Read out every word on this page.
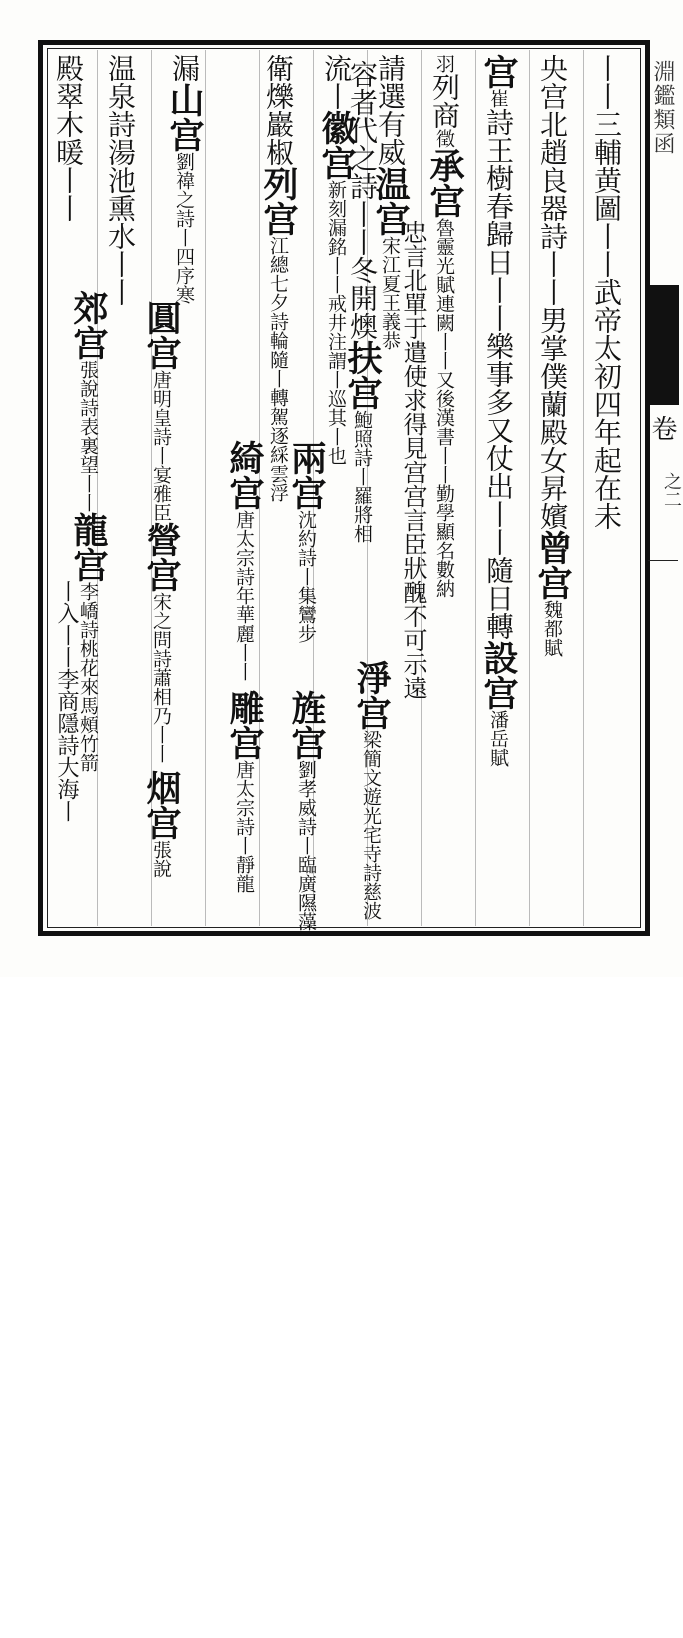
淵鑑類函
卷
之二
丨丨三輔黄圖丨丨武帝太初四年起在未
央宫北趙良器詩丨丨男掌僕蘭殿女昇嬪曾宫魏都賦
宫崔詩王樹春歸日丨丨樂事多又仗出丨丨隨日轉設宫潘岳賦
羽列商徵承宫魯靈光賦連闕丨丨又後漢書丨丨勤學顯名數納
忠言北單于遣使求得見宫宫言臣狀醜不可示遠
請選有威温宫宋江夏王義恭
容者代之詩丨丨冬開燠扶宫鮑照詩丨羅將相
淨宫梁簡文遊光宅寺詩慈波
流丨徽宫新刻漏銘丨丨戒井注謂丨巡其丨也
兩宫沈約詩丨集鸞步
旌宫劉孝威詩丨臨廣隰藻
衛爍巖椒列宫江總七夕詩輪隨丨轉駕逐綵雲浮
綺宫唐太宗詩年華麗丨丨
雕宫唐太宗詩丨靜龍
漏山宫劉禕之詩丨四序寒
圓宫唐明皇詩丨宴雅臣營宫宋之問詩蕭相乃丨丨
烟宫張說
温泉詩湯池熏水丨丨
郊宫張說詩表裏望丨丨龍宫李嶠詩桃花來馬頰竹箭
殿翠木暖丨丨
丨入丨丨李商隱詩大海丨
